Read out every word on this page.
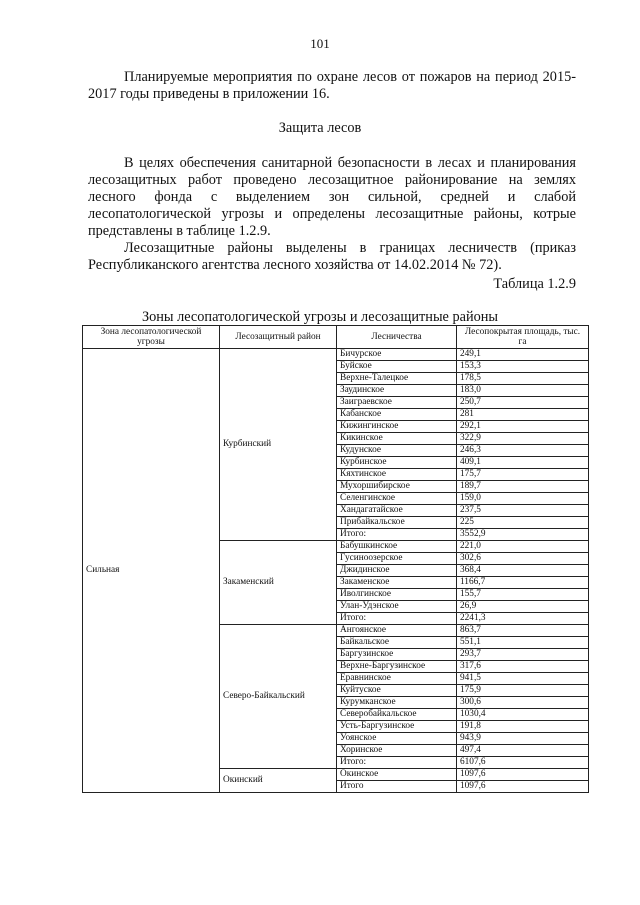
101
Планируемые мероприятия по охране лесов от пожаров на период 2015-2017 годы приведены в приложении 16.
Защита лесов
В целях обеспечения санитарной безопасности в лесах и планирования лесозащитных работ проведено лесозащитное районирование на землях лесного фонда с выделением зон сильной, средней и слабой лесопатологической угрозы и определены лесозащитные районы, котрые представлены в таблице 1.2.9.
Лесозащитные районы выделены в границах лесничеств (приказ Республиканского агентства лесного хозяйства от 14.02.2014 № 72).
Таблица 1.2.9
Зоны лесопатологической угрозы и лесозащитные районы
Зона лесопатологической угрозы	Лесозащитный район	Лесничества	Лесопокрытая площадь, тыс. га
Сильная	Курбинский	Бичурское	249,1
		Буйское	153,3
		Верхне-Талецкое	178,5
		Заудинское	183,0
		Заиграевское	250,7
		Кабанское	281
		Кижингинское	292,1
		Кикинское	322,9
		Кудунское	246,3
		Курбинское	409,1
		Кяхтинское	175,7
		Мухоршибирское	189,7
		Селенгинское	159,0
		Хандагатайское	237,5
		Прибайкальское	225
		Итого:	3552,9
	Закаменский	Бабушкинское	221,0
		Гусиноозерское	302,6
		Джидинское	368,4
		Закаменское	1166,7
		Иволгинское	155,7
		Улан-Удэнское	26,9
		Итого:	2241,3
	Северо-Байкальский	Ангоянское	863,7
		Байкальское	551,1
		Баргузинское	293,7
		Верхне-Баргузинское	317,6
		Еравнинское	941,5
		Куйтуское	175,9
		Курумканское	300,6
		Северобайкальское	1030,4
		Усть-Баргузинское	191,8
		Уоянское	943,9
		Хоринское	497,4
		Итого:	6107,6
	Окинский	Окинское	1097,6
		Итого	1097,6
